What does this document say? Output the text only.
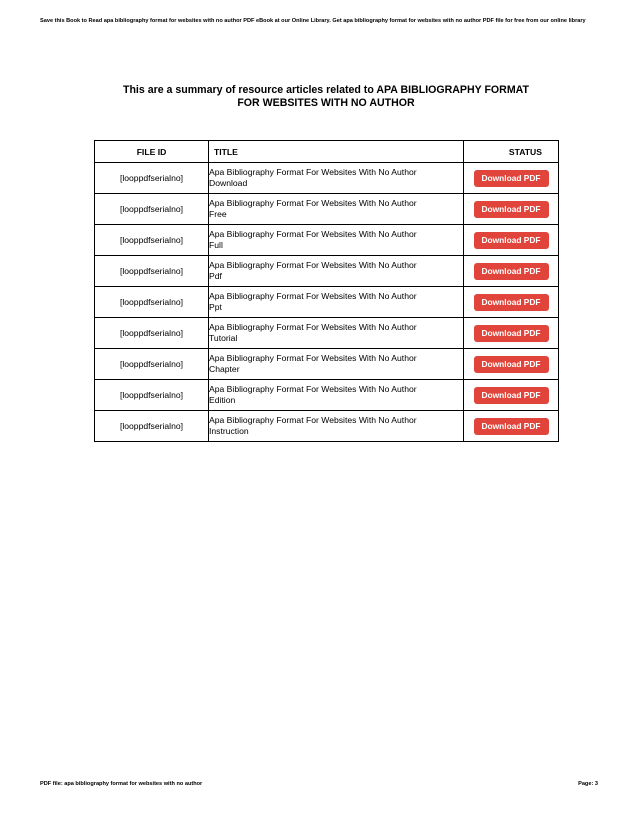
Save this Book to Read apa bibliography format for websites with no author PDF eBook at our Online Library. Get apa bibliography format for websites with no author PDF file for free from our online library
This are a summary of resource articles related to APA BIBLIOGRAPHY FORMAT
FOR WEBSITES WITH NO AUTHOR
FILE ID	TITLE	STATUS
[looppdfserialno]	Apa Bibliography Format For Websites With No Author
Download	Download PDF
[looppdfserialno]	Apa Bibliography Format For Websites With No Author
Free	Download PDF
[looppdfserialno]	Apa Bibliography Format For Websites With No Author
Full	Download PDF
[looppdfserialno]	Apa Bibliography Format For Websites With No Author
Pdf	Download PDF
[looppdfserialno]	Apa Bibliography Format For Websites With No Author
Ppt	Download PDF
[looppdfserialno]	Apa Bibliography Format For Websites With No Author
Tutorial	Download PDF
[looppdfserialno]	Apa Bibliography Format For Websites With No Author
Chapter	Download PDF
[looppdfserialno]	Apa Bibliography Format For Websites With No Author
Edition	Download PDF
[looppdfserialno]	Apa Bibliography Format For Websites With No Author
Instruction	Download PDF
PDF file: apa bibliography format for websites with no author	Page: 3
